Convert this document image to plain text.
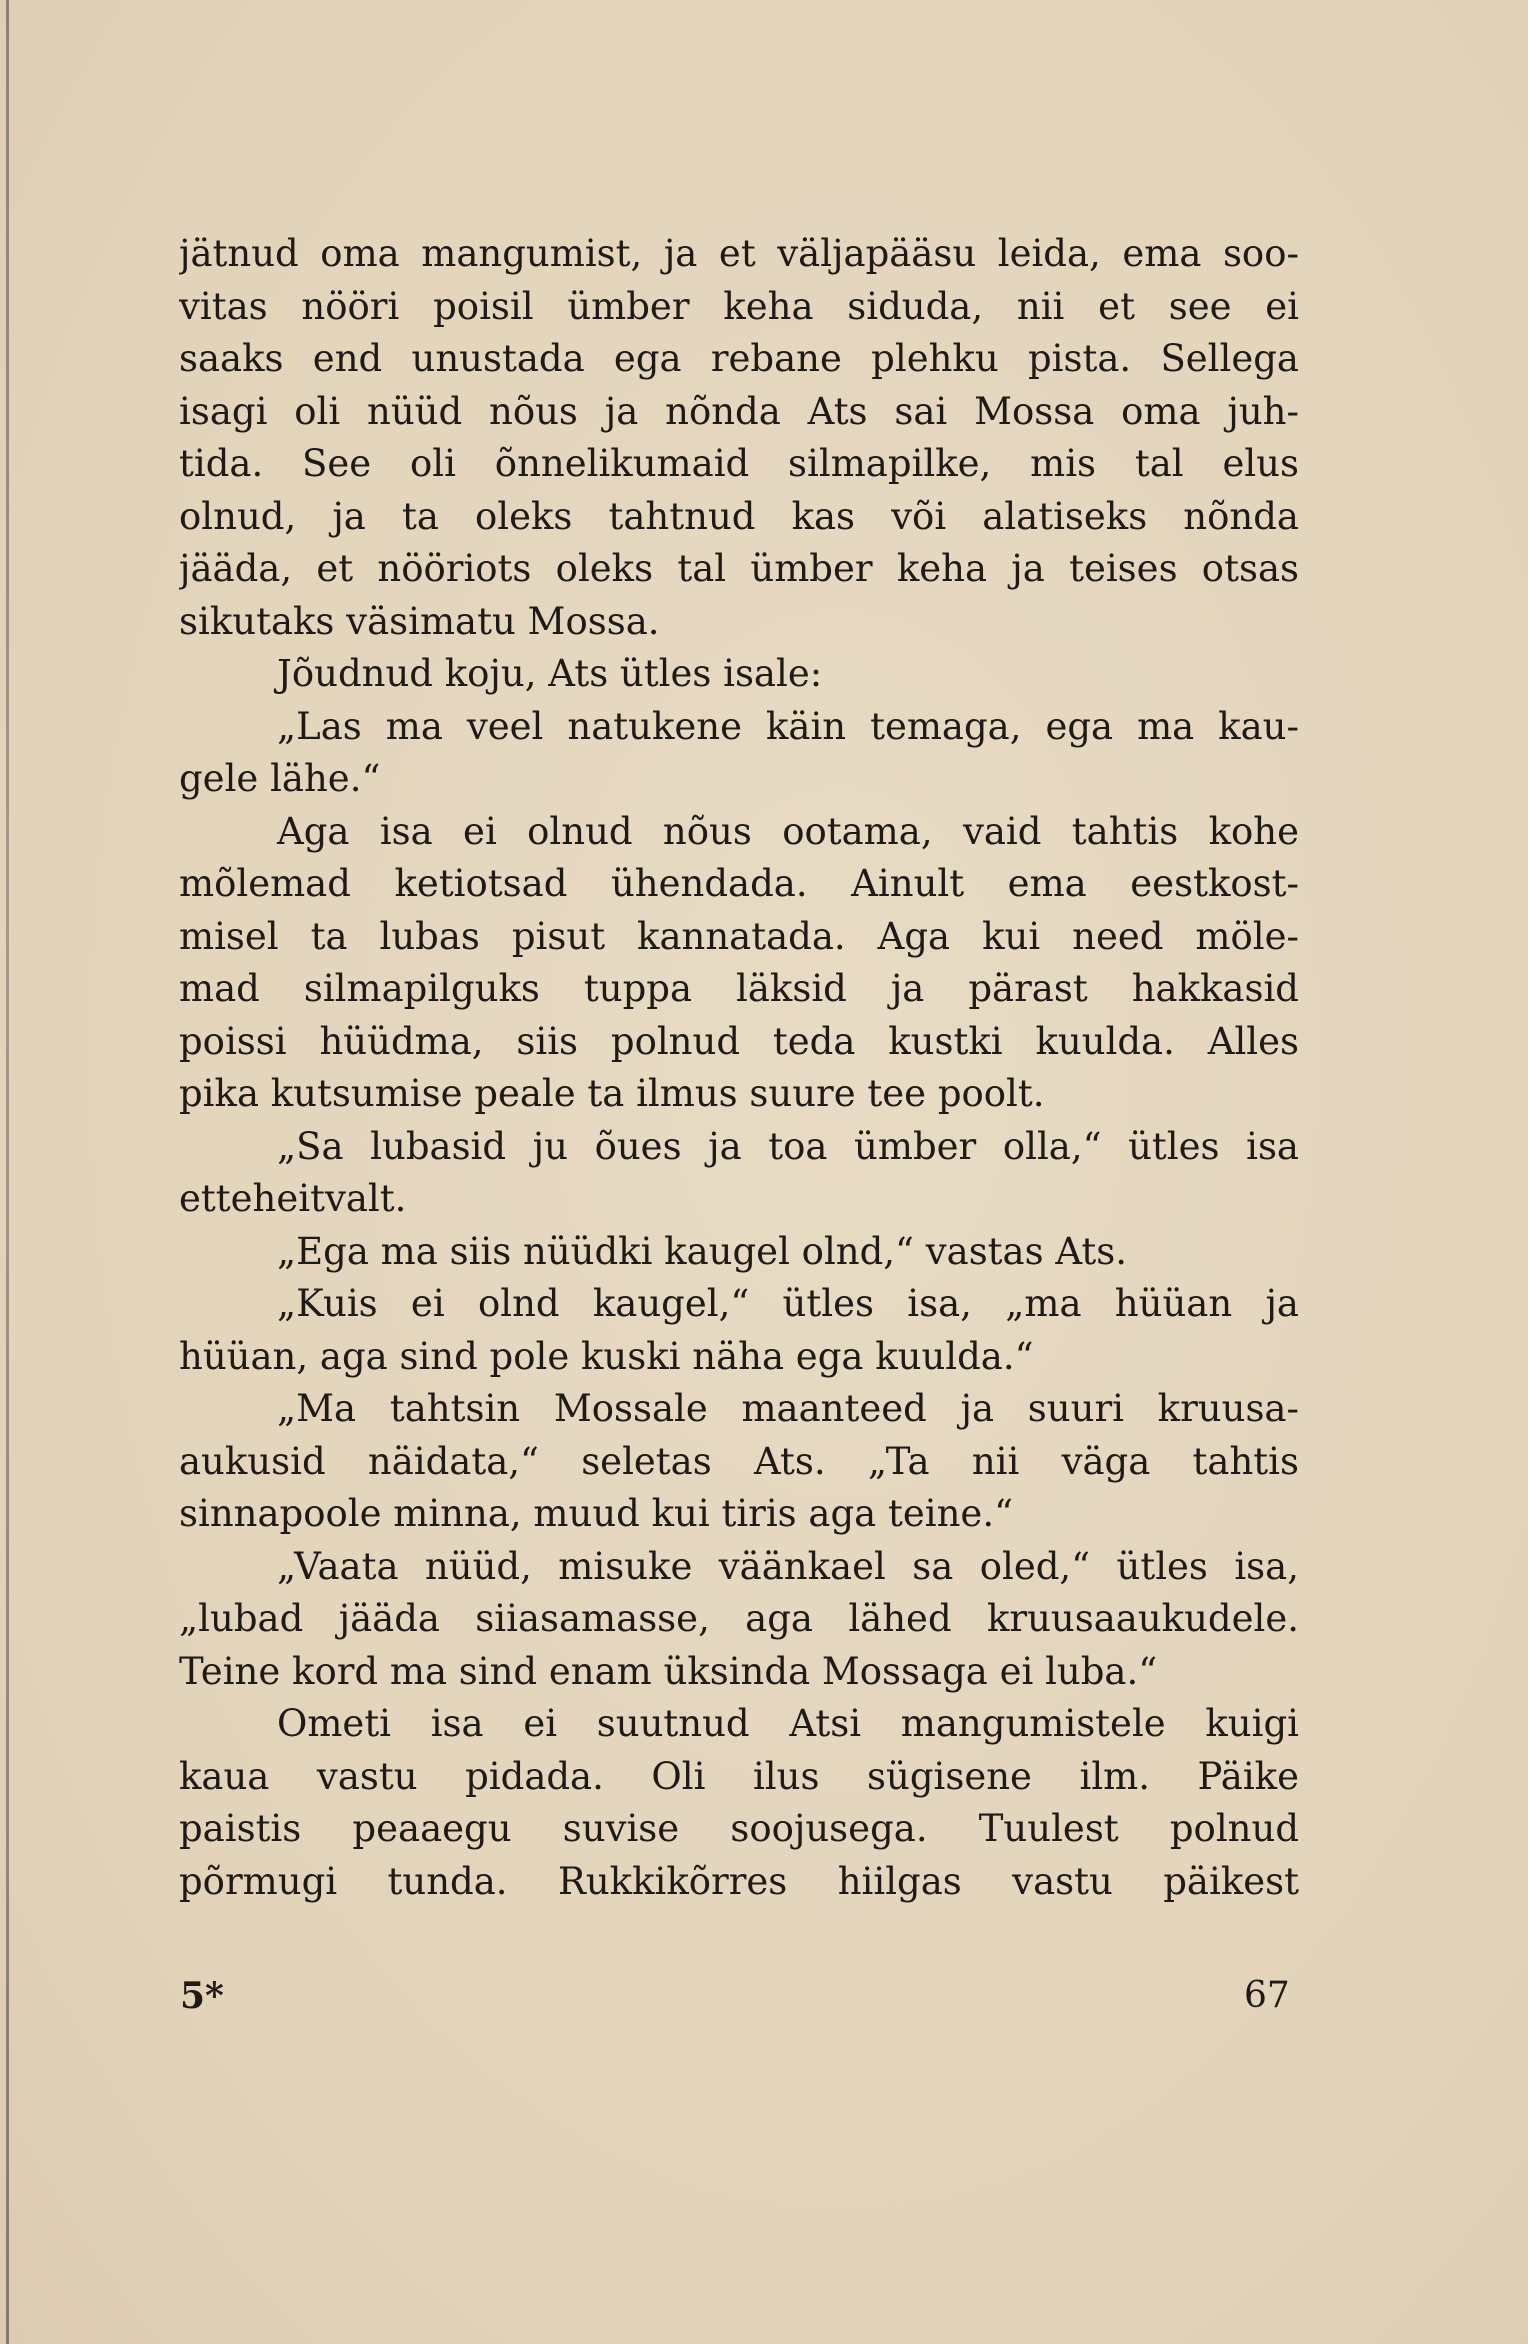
jätnud oma mangumist, ja et väljapääsu leida, ema soo-
vitas nööri poisil ümber keha siduda, nii et see ei
saaks end unustada ega rebane plehku pista. Sellega
isagi oli nüüd nõus ja nõnda Ats sai Mossa oma juh-
tida. See oli õnnelikumaid silmapilke, mis tal elus
olnud, ja ta oleks tahtnud kas või alatiseks nõnda
jääda, et nööriots oleks tal ümber keha ja teises otsas
sikutaks väsimatu Mossa.
Jõudnud koju, Ats ütles isale:
„Las ma veel natukene käin temaga, ega ma kau-
gele lähe.“
Aga isa ei olnud nõus ootama, vaid tahtis kohe
mõlemad ketiotsad ühendada. Ainult ema eestkost-
misel ta lubas pisut kannatada. Aga kui need möle-
mad silmapilguks tuppa läksid ja pärast hakkasid
poissi hüüdma, siis polnud teda kustki kuulda. Alles
pika kutsumise peale ta ilmus suure tee poolt.
„Sa lubasid ju õues ja toa ümber olla,“ ütles isa
etteheitvalt.
„Ega ma siis nüüdki kaugel olnd,“ vastas Ats.
„Kuis ei olnd kaugel,“ ütles isa, „ma hüüan ja
hüüan, aga sind pole kuski näha ega kuulda.“
„Ma tahtsin Mossale maanteed ja suuri kruusa-
aukusid näidata,“ seletas Ats. „Ta nii väga tahtis
sinnapoole minna, muud kui tiris aga teine.“
„Vaata nüüd, misuke väänkael sa oled,“ ütles isa,
„lubad jääda siiasamasse, aga lähed kruusaaukudele.
Teine kord ma sind enam üksinda Mossaga ei luba.“
Ometi isa ei suutnud Atsi mangumistele kuigi
kaua vastu pidada. Oli ilus sügisene ilm. Päike
paistis peaaegu suvise soojusega. Tuulest polnud
põrmugi tunda. Rukkikõrres hiilgas vastu päikest
5*	67
